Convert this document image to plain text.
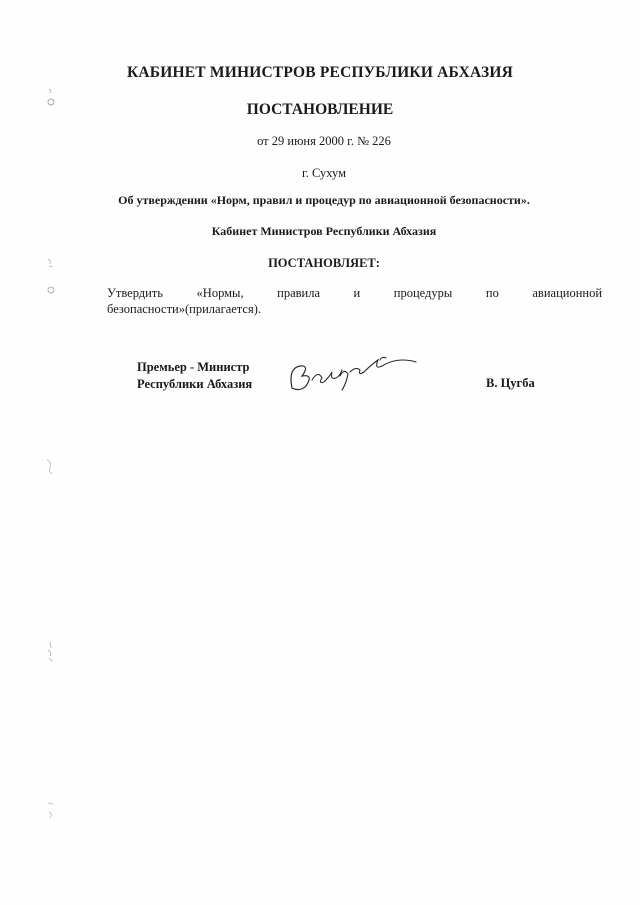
КАБИНЕТ МИНИСТРОВ РЕСПУБЛИКИ АБХАЗИЯ
ПОСТАНОВЛЕНИЕ
от 29 июня 2000 г. № 226
г. Сухум
Об утверждении «Норм, правил и процедур по авиационной безопасности».
Кабинет Министров Республики Абхазия
ПОСТАНОВЛЯЕТ:
Утвердить	«Нормы,	правила	и	процедуры	по	авиационной
безопасности»(прилагается).
Премьер - Министр
Республики Абхазия	В. Цугба
